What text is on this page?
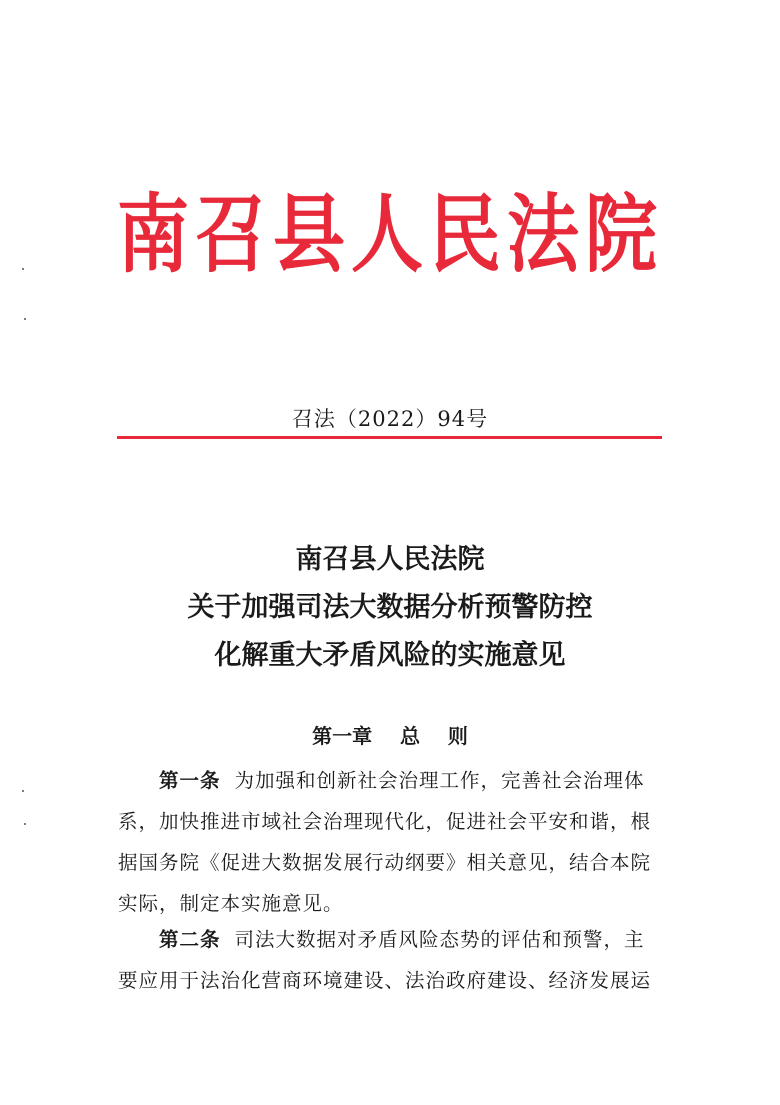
南召县人民法院
召法（2022）94号
南召县人民法院
关于加强司法大数据分析预警防控
化解重大矛盾风险的实施意见
第一章    总    则
第一条 为加强和创新社会治理工作，完善社会治理体
系，加快推进市域社会治理现代化，促进社会平安和谐，根
据国务院《促进大数据发展行动纲要》相关意见，结合本院
实际，制定本实施意见。
第二条 司法大数据对矛盾风险态势的评估和预警，主
要应用于法治化营商环境建设、法治政府建设、经济发展运
